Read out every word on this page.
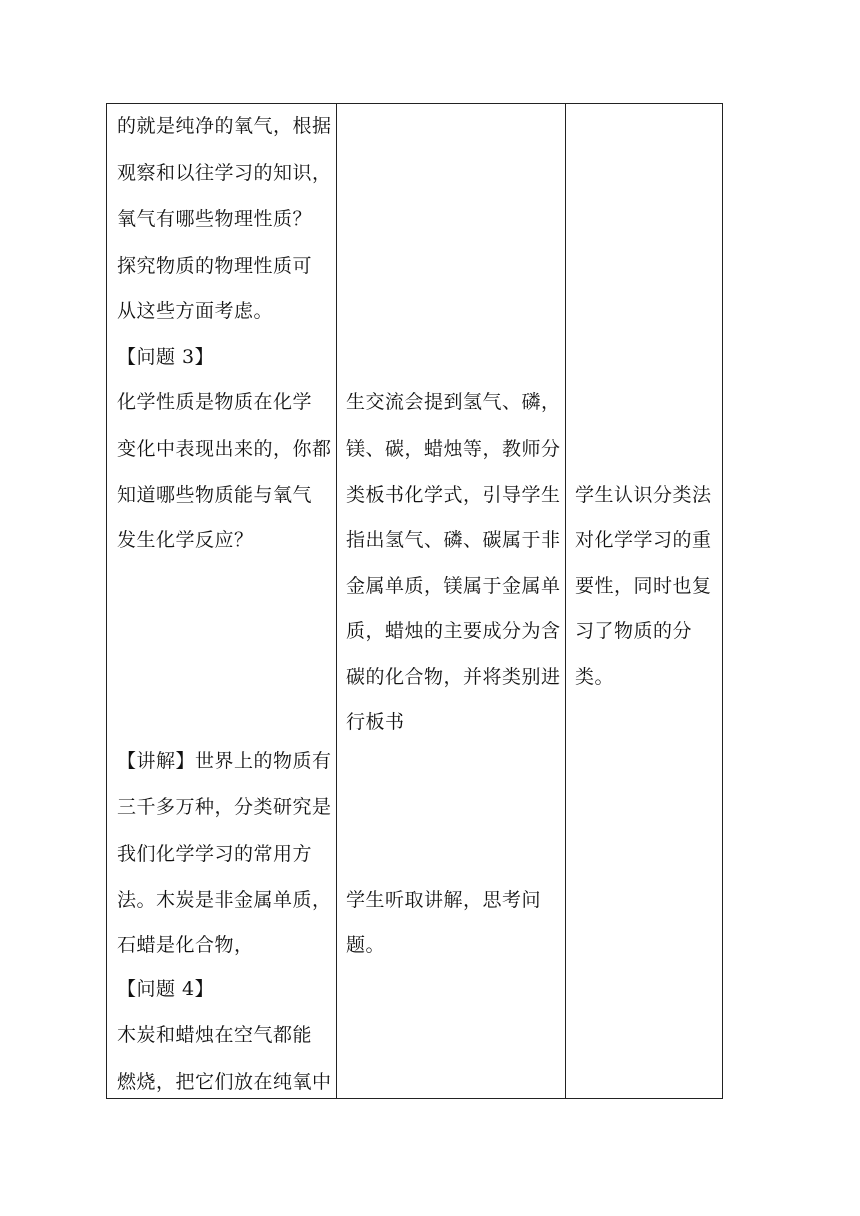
的就是纯净的氧气，根据
观察和以往学习的知识，
氧气有哪些物理性质？
探究物质的物理性质可
从这些方面考虑。
【问题 3】
化学性质是物质在化学
变化中表现出来的，你都
知道哪些物质能与氧气
发生化学反应？
【讲解】世界上的物质有
三千多万种，分类研究是
我们化学学习的常用方
法。木炭是非金属单质，
石蜡是化合物，
【问题 4】
木炭和蜡烛在空气都能
燃烧，把它们放在纯氧中
生交流会提到氢气、磷，
镁、碳，蜡烛等，教师分
类板书化学式，引导学生
指出氢气、磷、碳属于非
金属单质，镁属于金属单
质，蜡烛的主要成分为含
碳的化合物，并将类别进
行板书
学生听取讲解，思考问
题。
学生认识分类法
对化学学习的重
要性，同时也复
习了物质的分
类。
